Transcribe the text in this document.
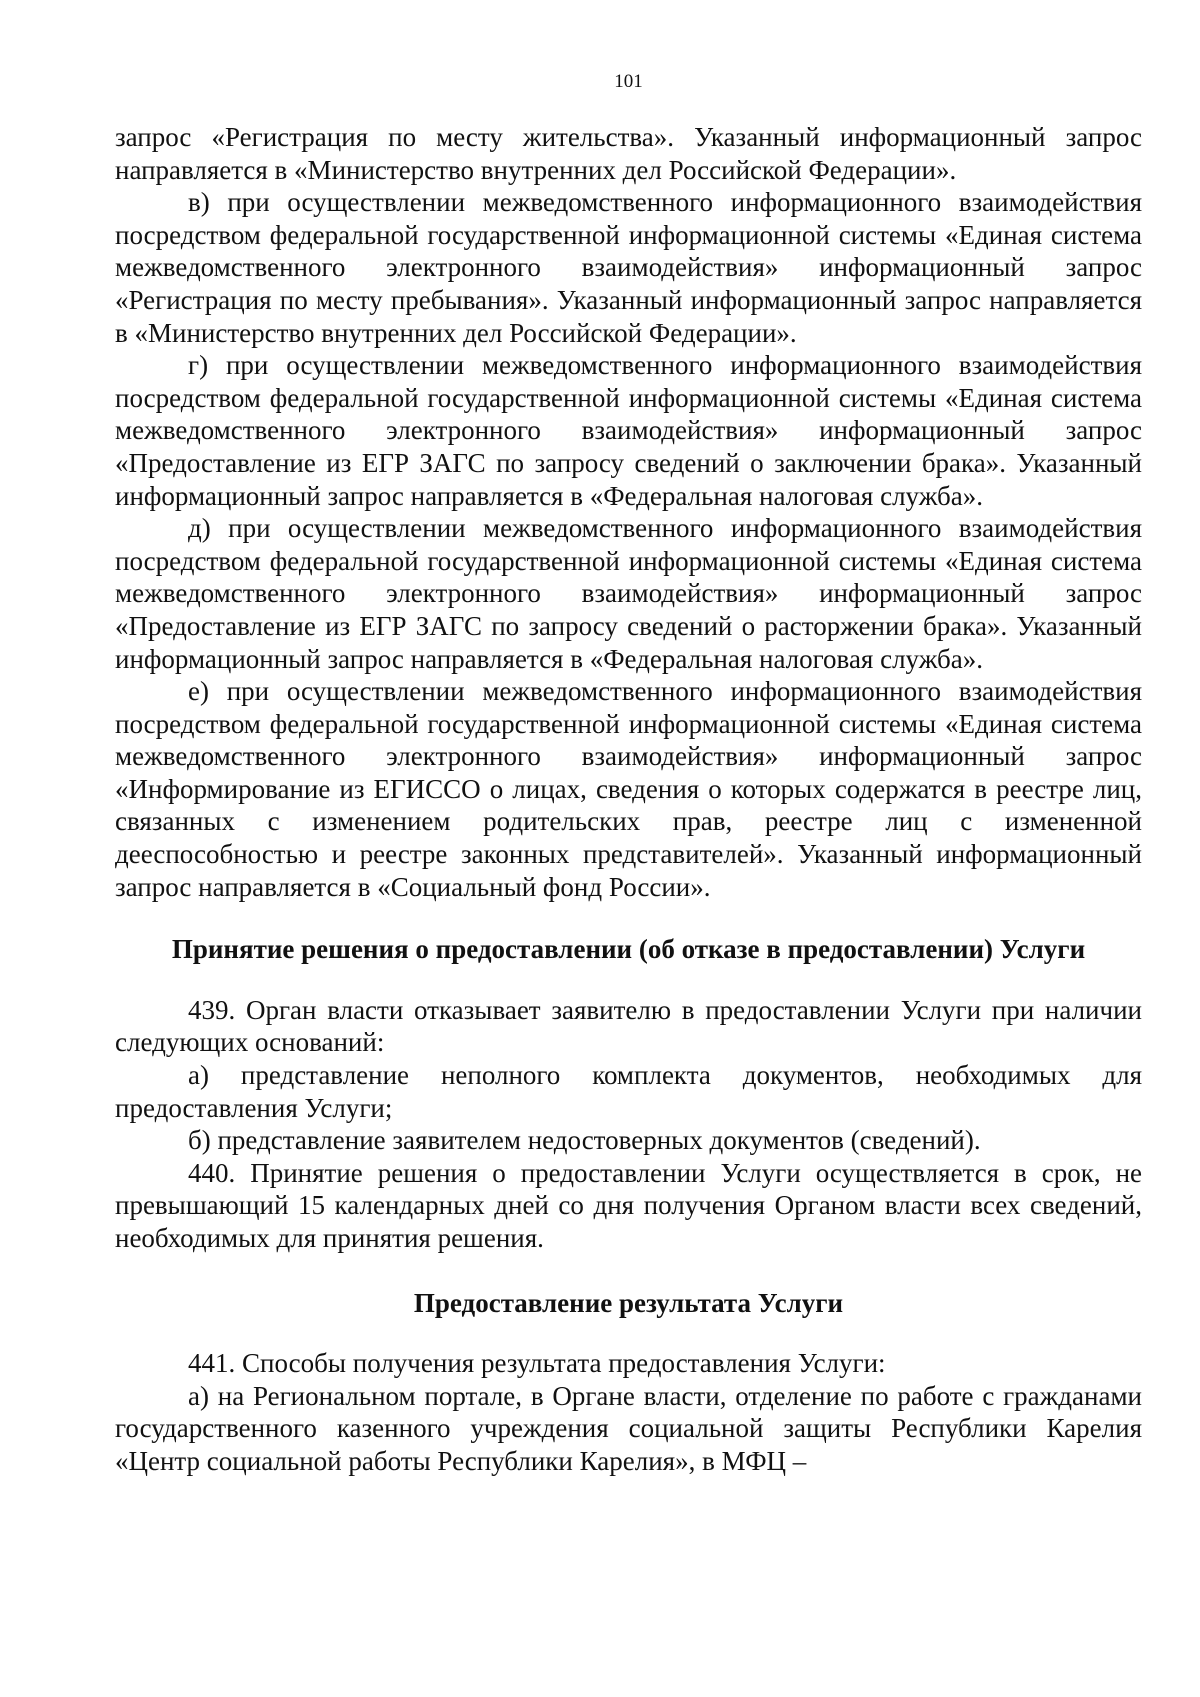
101

запрос «Регистрация по месту жительства». Указанный информационный запрос направляется в «Министерство внутренних дел Российской Федерации».

в) при осуществлении межведомственного информационного взаимодействия посредством федеральной государственной информационной системы «Единая система межведомственного электронного взаимодействия» информационный запрос «Регистрация по месту пребывания». Указанный информационный запрос направляется в «Министерство внутренних дел Российской Федерации».

г) при осуществлении межведомственного информационного взаимодействия посредством федеральной государственной информационной системы «Единая система межведомственного электронного взаимодействия» информационный запрос «Предоставление из ЕГР ЗАГС по запросу сведений о заключении брака». Указанный информационный запрос направляется в «Федеральная налоговая служба».

д) при осуществлении межведомственного информационного взаимодействия посредством федеральной государственной информационной системы «Единая система межведомственного электронного взаимодействия» информационный запрос «Предоставление из ЕГР ЗАГС по запросу сведений о расторжении брака». Указанный информационный запрос направляется в «Федеральная налоговая служба».

е) при осуществлении межведомственного информационного взаимодействия посредством федеральной государственной информационной системы «Единая система межведомственного электронного взаимодействия» информационный запрос «Информирование из ЕГИССО о лицах, сведения о которых содержатся в реестре лиц, связанных с изменением родительских прав, реестре лиц с измененной дееспособностью и реестре законных представителей». Указанный информационный запрос направляется в «Социальный фонд России».

Принятие решения о предоставлении (об отказе в предоставлении) Услуги

439. Орган власти отказывает заявителю в предоставлении Услуги при наличии следующих оснований:

а) представление неполного комплекта документов, необходимых для предоставления Услуги;

б) представление заявителем недостоверных документов (сведений).

440. Принятие решения о предоставлении Услуги осуществляется в срок, не превышающий 15 календарных дней со дня получения Органом власти всех сведений, необходимых для принятия решения.

Предоставление результата Услуги

441. Способы получения результата предоставления Услуги:

а) на Региональном портале, в Органе власти, отделение по работе с гражданами государственного казенного учреждения социальной защиты Республики Карелия «Центр социальной работы Республики Карелия», в МФЦ –
